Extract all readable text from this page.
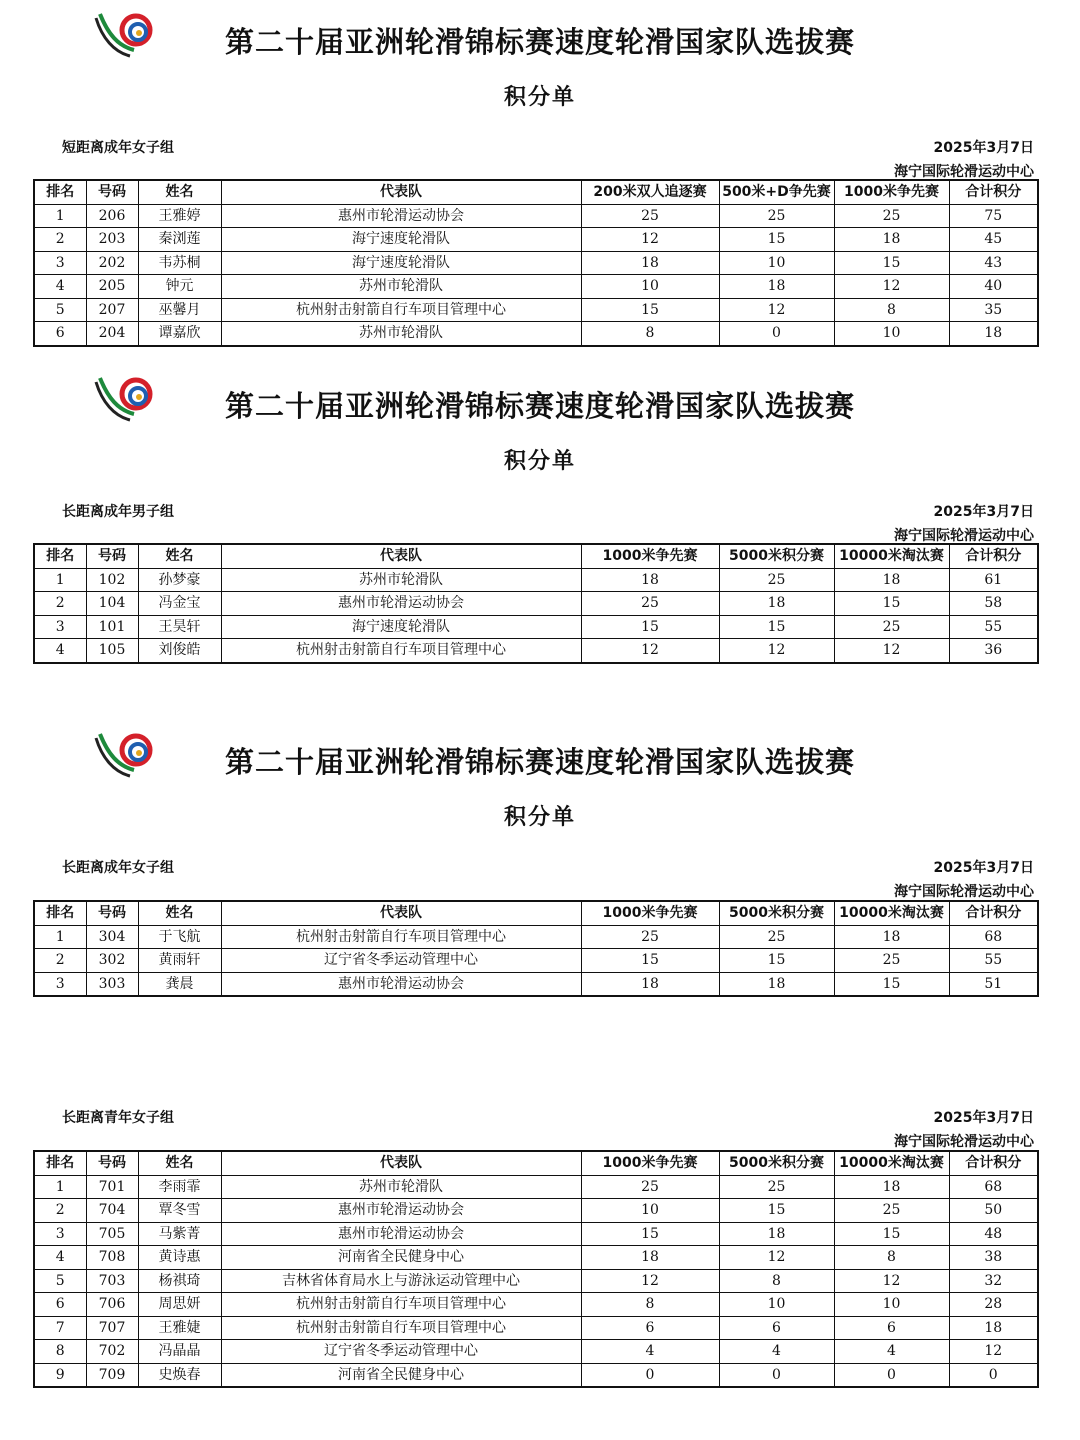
第二十届亚洲轮滑锦标赛速度轮滑国家队选拔赛
积分单
短距离成年女子组	2025年3月7日
海宁国际轮滑运动中心
排名	号码	姓名	代表队	200米双人追逐赛	500米+D争先赛	1000米争先赛	合计积分
1	206	王雅婷	惠州市轮滑运动协会	25	25	25	75
2	203	秦浏莲	海宁速度轮滑队	12	15	18	45
3	202	韦苏桐	海宁速度轮滑队	18	10	15	43
4	205	钟元	苏州市轮滑队	10	18	12	40
5	207	巫馨月	杭州射击射箭自行车项目管理中心	15	12	8	35
6	204	谭嘉欣	苏州市轮滑队	8	0	10	18
第二十届亚洲轮滑锦标赛速度轮滑国家队选拔赛
积分单
长距离成年男子组	2025年3月7日
海宁国际轮滑运动中心
排名	号码	姓名	代表队	1000米争先赛	5000米积分赛	10000米淘汰赛	合计积分
1	102	孙梦豪	苏州市轮滑队	18	25	18	61
2	104	冯金宝	惠州市轮滑运动协会	25	18	15	58
3	101	王昊轩	海宁速度轮滑队	15	15	25	55
4	105	刘俊皓	杭州射击射箭自行车项目管理中心	12	12	12	36
第二十届亚洲轮滑锦标赛速度轮滑国家队选拔赛
积分单
长距离成年女子组	2025年3月7日
海宁国际轮滑运动中心
排名	号码	姓名	代表队	1000米争先赛	5000米积分赛	10000米淘汰赛	合计积分
1	304	于飞航	杭州射击射箭自行车项目管理中心	25	25	18	68
2	302	黄雨轩	辽宁省冬季运动管理中心	15	15	25	55
3	303	龚晨	惠州市轮滑运动协会	18	18	15	51
长距离青年女子组	2025年3月7日
海宁国际轮滑运动中心
排名	号码	姓名	代表队	1000米争先赛	5000米积分赛	10000米淘汰赛	合计积分
1	701	李雨霏	苏州市轮滑队	25	25	18	68
2	704	覃冬雪	惠州市轮滑运动协会	10	15	25	50
3	705	马紫菁	惠州市轮滑运动协会	15	18	15	48
4	708	黄诗惠	河南省全民健身中心	18	12	8	38
5	703	杨祺琦	吉林省体育局水上与游泳运动管理中心	12	8	12	32
6	706	周思妍	杭州射击射箭自行车项目管理中心	8	10	10	28
7	707	王雅婕	杭州射击射箭自行车项目管理中心	6	6	6	18
8	702	冯晶晶	辽宁省冬季运动管理中心	4	4	4	12
9	709	史焕春	河南省全民健身中心	0	0	0	0
